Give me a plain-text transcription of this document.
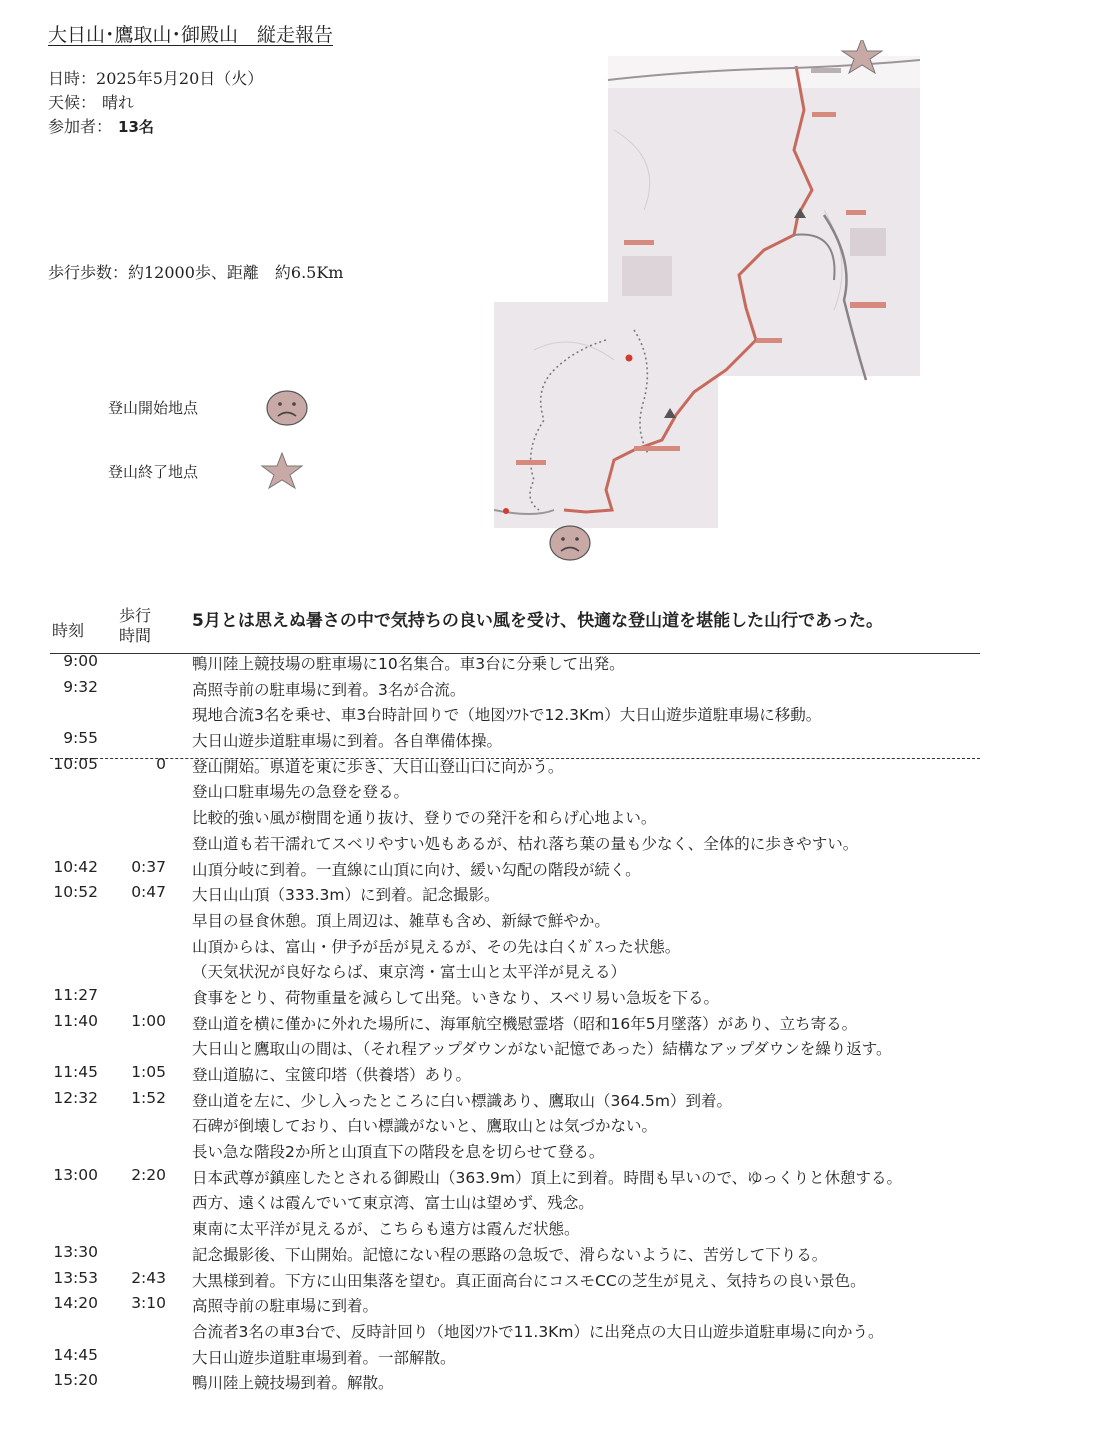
大日山･鷹取山･御殿山　縦走報告
日時：2025年5月20日（火）
天候： 晴れ
参加者： 13名
歩行歩数：約12000歩、距離　約6.5Km
登山開始地点
登山終了地点
時刻
歩行
時間
5月とは思えぬ暑さの中で気持ちの良い風を受け、快適な登山道を堪能した山行であった。
9:00	鴨川陸上競技場の駐車場に10名集合。車3台に分乗して出発。
9:32	高照寺前の駐車場に到着。3名が合流。
現地合流3名を乗せ、車3台時計回りで（地図ｿﾌﾄで12.3Km）大日山遊歩道駐車場に移動。
9:55	大日山遊歩道駐車場に到着。各自準備体操。
10:05	0 登山開始。県道を東に歩き、大日山登山口に向かう。
登山口駐車場先の急登を登る。
比較的強い風が樹間を通り抜け、登りでの発汗を和らげ心地よい。
登山道も若干濡れてスベリやすい処もあるが、枯れ落ち葉の量も少なく、全体的に歩きやすい。
10:42	0:37 山頂分岐に到着。一直線に山頂に向け、緩い勾配の階段が続く。
10:52	0:47 大日山山頂（333.3m）に到着。記念撮影。
早目の昼食休憩。頂上周辺は、雑草も含め、新緑で鮮やか。
山頂からは、富山・伊予が岳が見えるが、その先は白くｶﾞｽった状態。
（天気状況が良好ならば、東京湾・富士山と太平洋が見える）
11:27	食事をとり、荷物重量を減らして出発。いきなり、スベリ易い急坂を下る。
11:40	1:00 登山道を横に僅かに外れた場所に、海軍航空機慰霊塔（昭和16年5月墜落）があり、立ち寄る。
大日山と鷹取山の間は、（それ程アップダウンがない記憶であった）結構なアップダウンを繰り返す。
11:45	1:05 登山道脇に、宝篋印塔（供養塔）あり。
12:32	1:52 登山道を左に、少し入ったところに白い標識あり、鷹取山（364.5m）到着。
石碑が倒壊しており、白い標識がないと、鷹取山とは気づかない。
長い急な階段2か所と山頂直下の階段を息を切らせて登る。
13:00	2:20 日本武尊が鎮座したとされる御殿山（363.9m）頂上に到着。時間も早いので、ゆっくりと休憩する。
西方、遠くは霞んでいて東京湾、富士山は望めず、残念。
東南に太平洋が見えるが、こちらも遠方は霞んだ状態。
13:30	記念撮影後、下山開始。記憶にない程の悪路の急坂で、滑らないように、苦労して下りる。
13:53	2:43 大黒様到着。下方に山田集落を望む。真正面高台にコスモCCの芝生が見え、気持ちの良い景色。
14:20	3:10 高照寺前の駐車場に到着。
合流者3名の車3台で、反時計回り（地図ｿﾌﾄで11.3Km）に出発点の大日山遊歩道駐車場に向かう。
14:45	大日山遊歩道駐車場到着。一部解散。
15:20	鴨川陸上競技場到着。解散。
